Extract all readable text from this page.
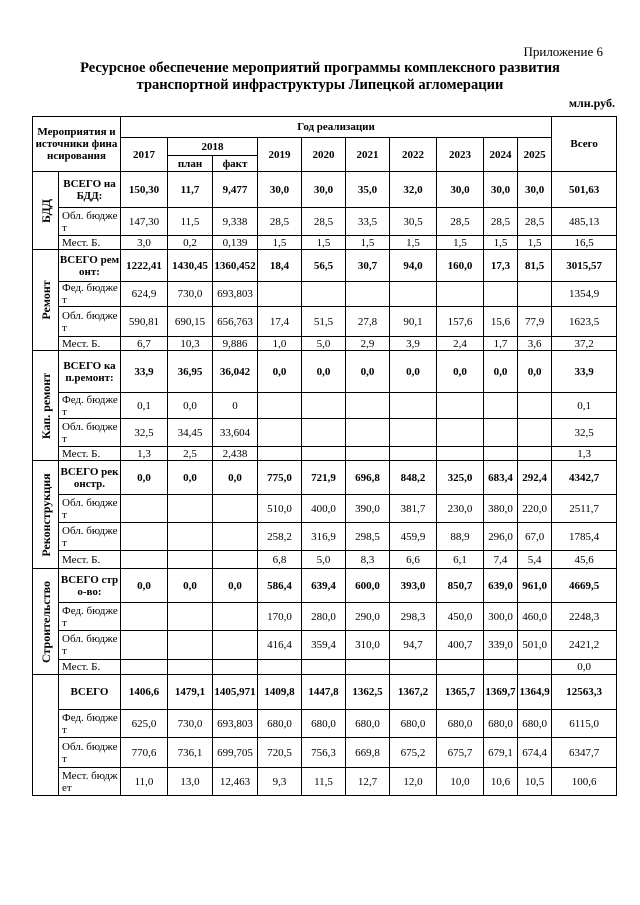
Приложение 6
Ресурсное обеспечение мероприятий программы комплексного развития
транспортной инфраструктуры Липецкой агломерации
млн.руб.
Мероприятия и источники финансирования		Год реализации										Всего
		2017	2018		2019	2020	2021	2022	2023	2024	2025	
			план	факт								

БДД	ВСЕГО на БДД:	150,30	11,7	9,477	30,0	30,0	35,0	32,0	30,0	30,0	30,0	501,63
	Обл. бюджет	147,30	11,5	9,338	28,5	28,5	33,5	30,5	28,5	28,5	28,5	485,13
	Мест. Б.	3,0	0,2	0,139	1,5	1,5	1,5	1,5	1,5	1,5	1,5	16,5

Ремонт	ВСЕГО ремонт:	1222,41	1430,45	1360,452	18,4	56,5	30,7	94,0	160,0	17,3	81,5	3015,57
	Фед. бюджет	624,9	730,0	693,803								1354,9
	Обл. бюджет	590,81	690,15	656,763	17,4	51,5	27,8	90,1	157,6	15,6	77,9	1623,5
	Мест. Б.	6,7	10,3	9,886	1,0	5,0	2,9	3,9	2,4	1,7	3,6	37,2

Кап. ремонт	ВСЕГО кап.ремонт:	33,9	36,95	36,042	0,0	0,0	0,0	0,0	0,0	0,0	0,0	33,9
	Фед. бюджет	0,1	0,0	0								0,1
	Обл. бюджет	32,5	34,45	33,604								32,5
	Мест. Б.	1,3	2,5	2,438								1,3

Реконструкция	ВСЕГО реконстр.	0,0	0,0	0,0	775,0	721,9	696,8	848,2	325,0	683,4	292,4	4342,7
	Обл. бюджет				510,0	400,0	390,0	381,7	230,0	380,0	220,0	2511,7
	Обл. бюджет				258,2	316,9	298,5	459,9	88,9	296,0	67,0	1785,4
	Мест. Б.				6,8	5,0	8,3	6,6	6,1	7,4	5,4	45,6

Строительство	ВСЕГО стро-во:	0,0	0,0	0,0	586,4	639,4	600,0	393,0	850,7	639,0	961,0	4669,5
	Фед. бюджет				170,0	280,0	290,0	298,3	450,0	300,0	460,0	2248,3
	Обл. бюджет				416,4	359,4	310,0	94,7	400,7	339,0	501,0	2421,2
	Мест. Б.											0,0

	ВСЕГО	1406,6	1479,1	1405,971	1409,8	1447,8	1362,5	1367,2	1365,7	1369,7	1364,9	12563,3
	Фед. бюджет	625,0	730,0	693,803	680,0	680,0	680,0	680,0	680,0	680,0	680,0	6115,0
	Обл. бюджет	770,6	736,1	699,705	720,5	756,3	669,8	675,2	675,7	679,1	674,4	6347,7
	Мест. бюджет	11,0	13,0	12,463	9,3	11,5	12,7	12,0	10,0	10,6	10,5	100,6
